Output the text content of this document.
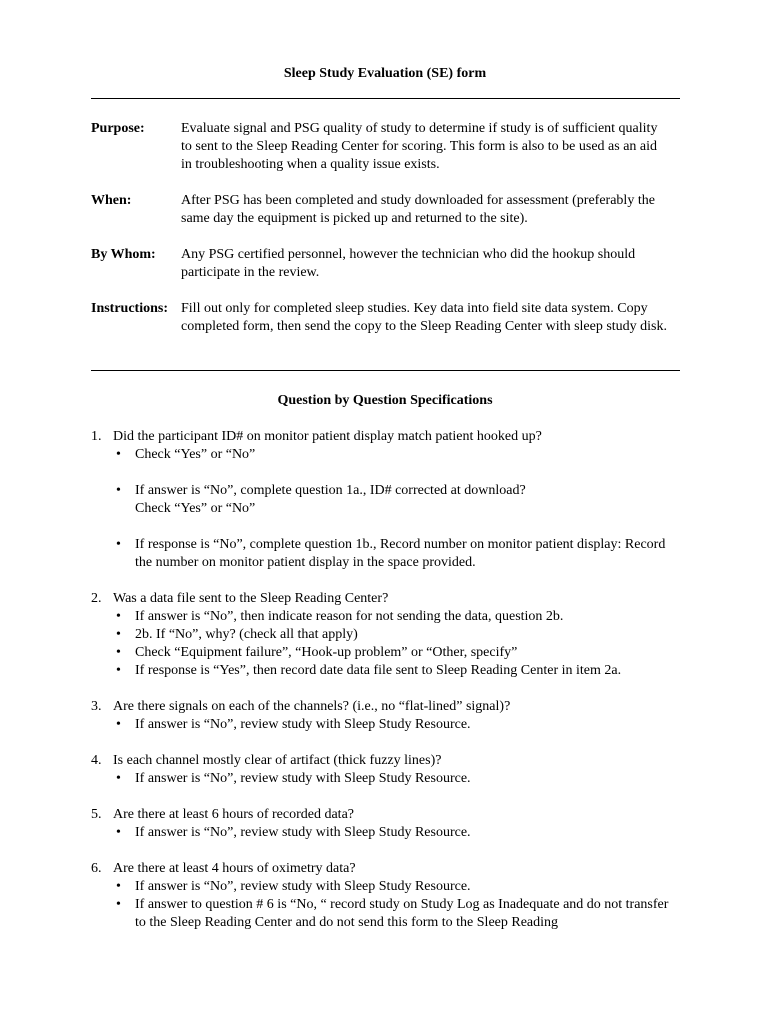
Sleep Study Evaluation (SE) form
Purpose:	Evaluate signal and PSG quality of study to determine if study is of sufficient quality to sent to the Sleep Reading Center for scoring. This form is also to be used as an aid in troubleshooting when a quality issue exists.
When:	After PSG has been completed and study downloaded for assessment (preferably the same day the equipment is picked up and returned to the site).
By Whom: Any PSG certified personnel, however the technician who did the hookup should participate in the review.
Instructions: Fill out only for completed sleep studies. Key data into field site data system. Copy completed form, then send the copy to the Sleep Reading Center with sleep study disk.
Question by Question Specifications
1. Did the participant ID# on monitor patient display match patient hooked up?
• Check “Yes” or “No”
• If answer is “No”, complete question 1a., ID# corrected at download? Check “Yes” or “No”
• If response is “No”, complete question 1b., Record number on monitor patient display: Record the number on monitor patient display in the space provided.
2. Was a data file sent to the Sleep Reading Center?
• If answer is “No”, then indicate reason for not sending the data, question 2b.
• 2b. If “No”, why? (check all that apply)
• Check “Equipment failure”, “Hook-up problem” or “Other, specify”
• If response is “Yes”, then record date data file sent to Sleep Reading Center in item 2a.
3. Are there signals on each of the channels? (i.e., no “flat-lined” signal)?
• If answer is “No”, review study with Sleep Study Resource.
4. Is each channel mostly clear of artifact (thick fuzzy lines)?
• If answer is “No”, review study with Sleep Study Resource.
5. Are there at least 6 hours of recorded data?
• If answer is “No”, review study with Sleep Study Resource.
6. Are there at least 4 hours of oximetry data?
• If answer is “No”, review study with Sleep Study Resource.
• If answer to question # 6 is “No, “ record study on Study Log as Inadequate and do not transfer to the Sleep Reading Center and do not send this form to the Sleep Reading
